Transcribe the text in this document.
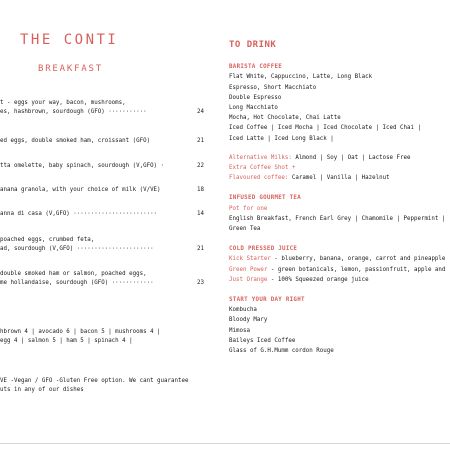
THE CONTI
BREAKFAST
t - eggs your way, bacon, mushrooms,
es, hashbrown, sourdough (GFO) ···········	24
ed eggs, double smoked ham, croissant (GFO)	21
tta omelette, baby spinach, sourdough (V,GFO) ·	22
anana granola, with your choice of milk (V/VE)	18
anna di casa (V,GFO) ························	14
poached eggs, crumbed feta,
ad, sourdough (V,GFO) ······················	21
double smoked ham or salmon, poached eggs,
me hollandaise, sourdough (GFO) ············	23
hbrown 4 | avocado 6 | bacon 5 | mushrooms 4 |
egg 4 | salmon 5 | ham 5 | spinach 4 |
VE -Vegan / GFO -Gluten Free option. We cant guarantee
uts in any of our dishes
TO DRINK
BARISTA COFFEE
Flat White, Cappuccino, Latte, Long Black
Espresso, Short Macchiato
Double Espresso
Long Macchiato
Mocha, Hot Chocolate, Chai Latte
Iced Coffee | Iced Mocha | Iced Chocolate | Iced Chai |
Iced Latte | Iced Long Black |
Alternative Milks: Almond | Soy | Oat | Lactose Free
Extra Coffee Shot +
Flavoured coffee: Caramel | Vanilla | Hazelnut
INFUSED GOURMET TEA
Pot for one
English Breakfast, French Earl Grey | Chamomile | Peppermint |
Green Tea
COLD PRESSED JUICE
Kick Starter - blueberry, banana, orange, carrot and pineapple
Green Power - green botanicals, lemon, passionfruit, apple and
Just Orange - 100% Squeezed orange juice
START YOUR DAY RIGHT
Kombucha
Bloody Mary
Mimosa
Baileys Iced Coffee
Glass of G.H.Mumm cordon Rouge
